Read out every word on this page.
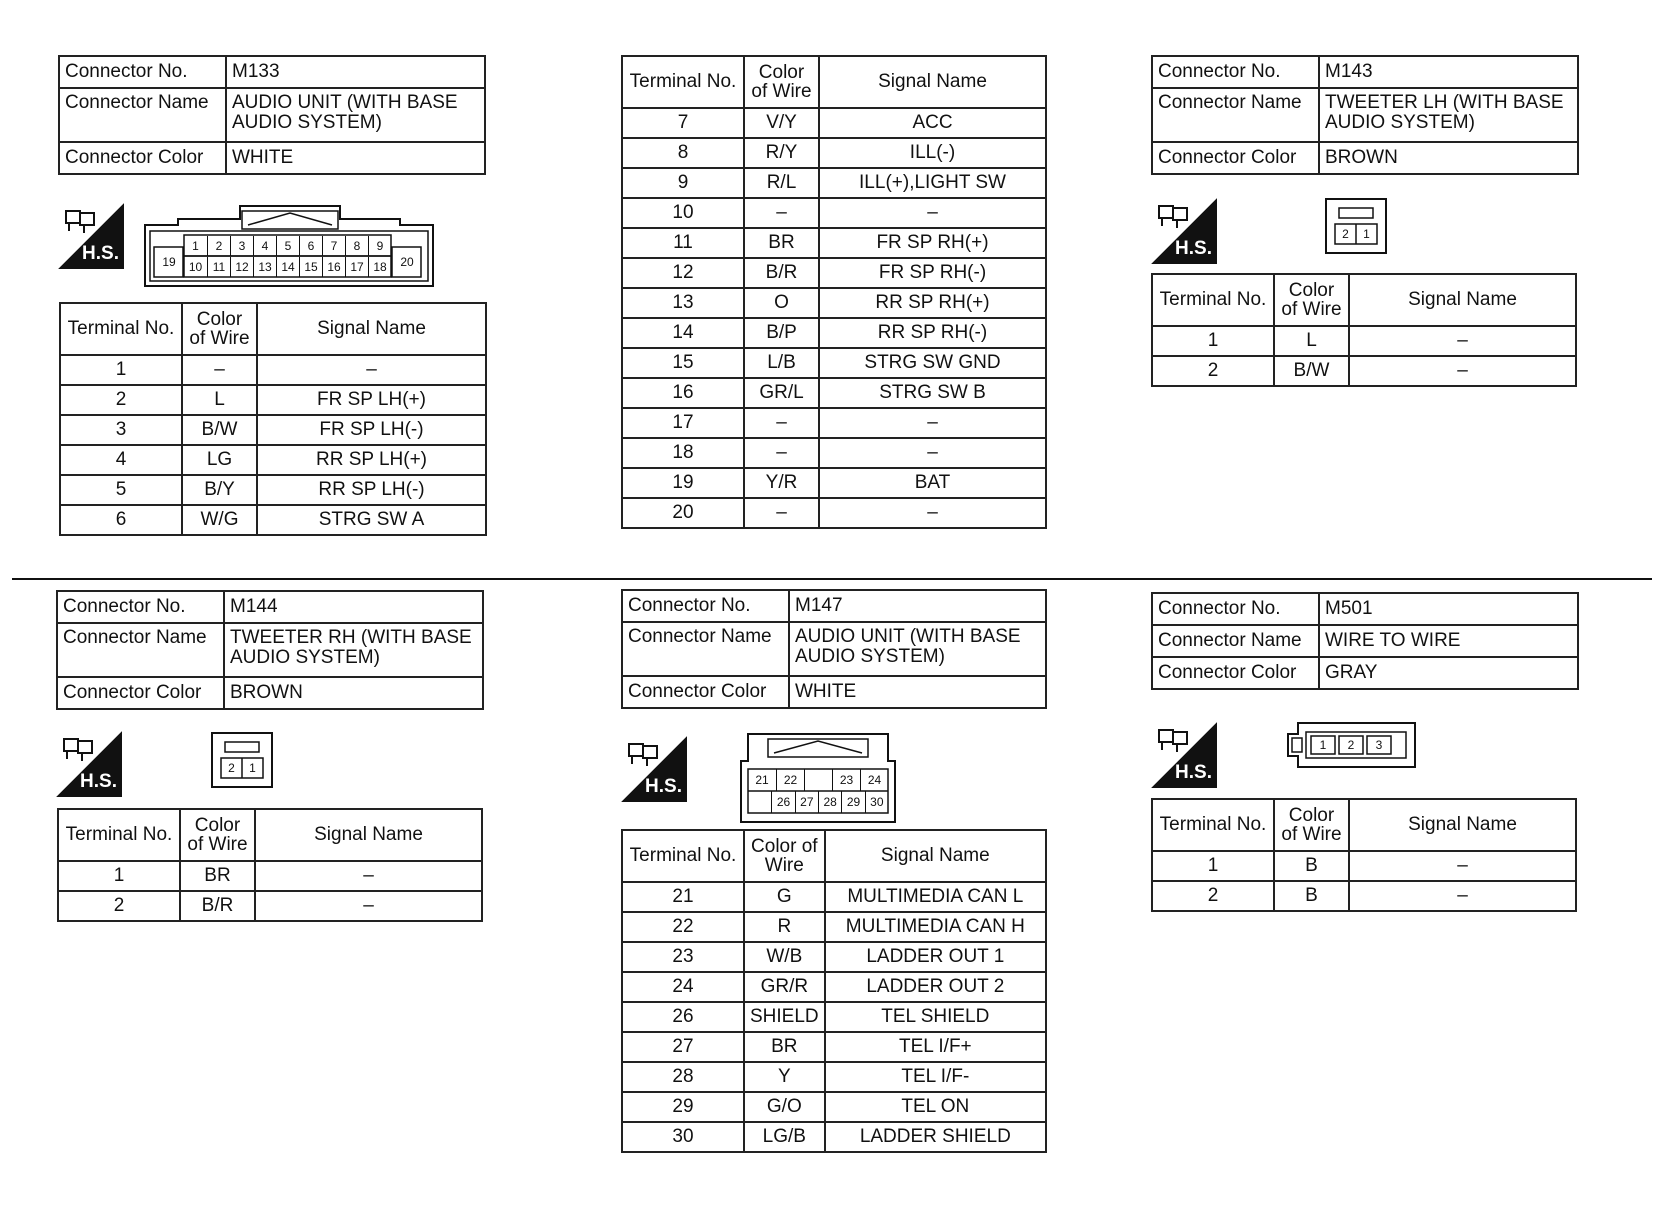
Connector No.	M133
Connector Name	AUDIO UNIT (WITH BASE AUDIO SYSTEM)
Connector Color	WHITE
H.S.	1	2	3	4	5	6	7	8	9
10 11 12 13 14 15 16 17 18
19	20
Terminal No.	Color of Wire	Signal Name
1	–	–
2	L	FR SP LH(+)
3	B/W	FR SP LH(-)
4	LG	RR SP LH(+)
5	B/Y	RR SP LH(-)
6	W/G	STRG SW A
Terminal No.	Color of Wire	Signal Name
7	V/Y	ACC
8	R/Y	ILL(-)
9	R/L	ILL(+),LIGHT SW
10	–	–
11	BR	FR SP RH(+)
12	B/R	FR SP RH(-)
13	O	RR SP RH(+)
14	B/P	RR SP RH(-)
15	L/B	STRG SW GND
16	GR/L	STRG SW B
17	–	–
18	–	–
19	Y/R	BAT
20	–	–
Connector No.	M143
Connector Name	TWEETER LH (WITH BASE AUDIO SYSTEM)
Connector Color	BROWN
H.S.
2	1
Terminal No.	Color of Wire	Signal Name
1	L	–
2	B/W	–
Connector No.	M144
Connector Name	TWEETER RH (WITH BASE AUDIO SYSTEM)
Connector Color	BROWN
H.S.
2	1
Terminal No.	Color of Wire	Signal Name
1	BR	–
2	B/R	–
Connector No.	M147
Connector Name	AUDIO UNIT (WITH BASE AUDIO SYSTEM)
Connector Color	WHITE
H.S.	21	22	23	24
26 27 28 29 30
Terminal No.	Color of Wire	Signal Name
21	G	MULTIMEDIA CAN L
22	R	MULTIMEDIA CAN H
23	W/B	LADDER OUT 1
24	GR/R	LADDER OUT 2
26	SHIELD	TEL SHIELD
27	BR	TEL I/F+
28	Y	TEL I/F-
29	G/O	TEL ON
30	LG/B	LADDER SHIELD
Connector No.	M501
Connector Name	WIRE TO WIRE
Connector Color	GRAY
H.S.
1	2	3
Terminal No.	Color of Wire	Signal Name
1	B	–
2	B	–
